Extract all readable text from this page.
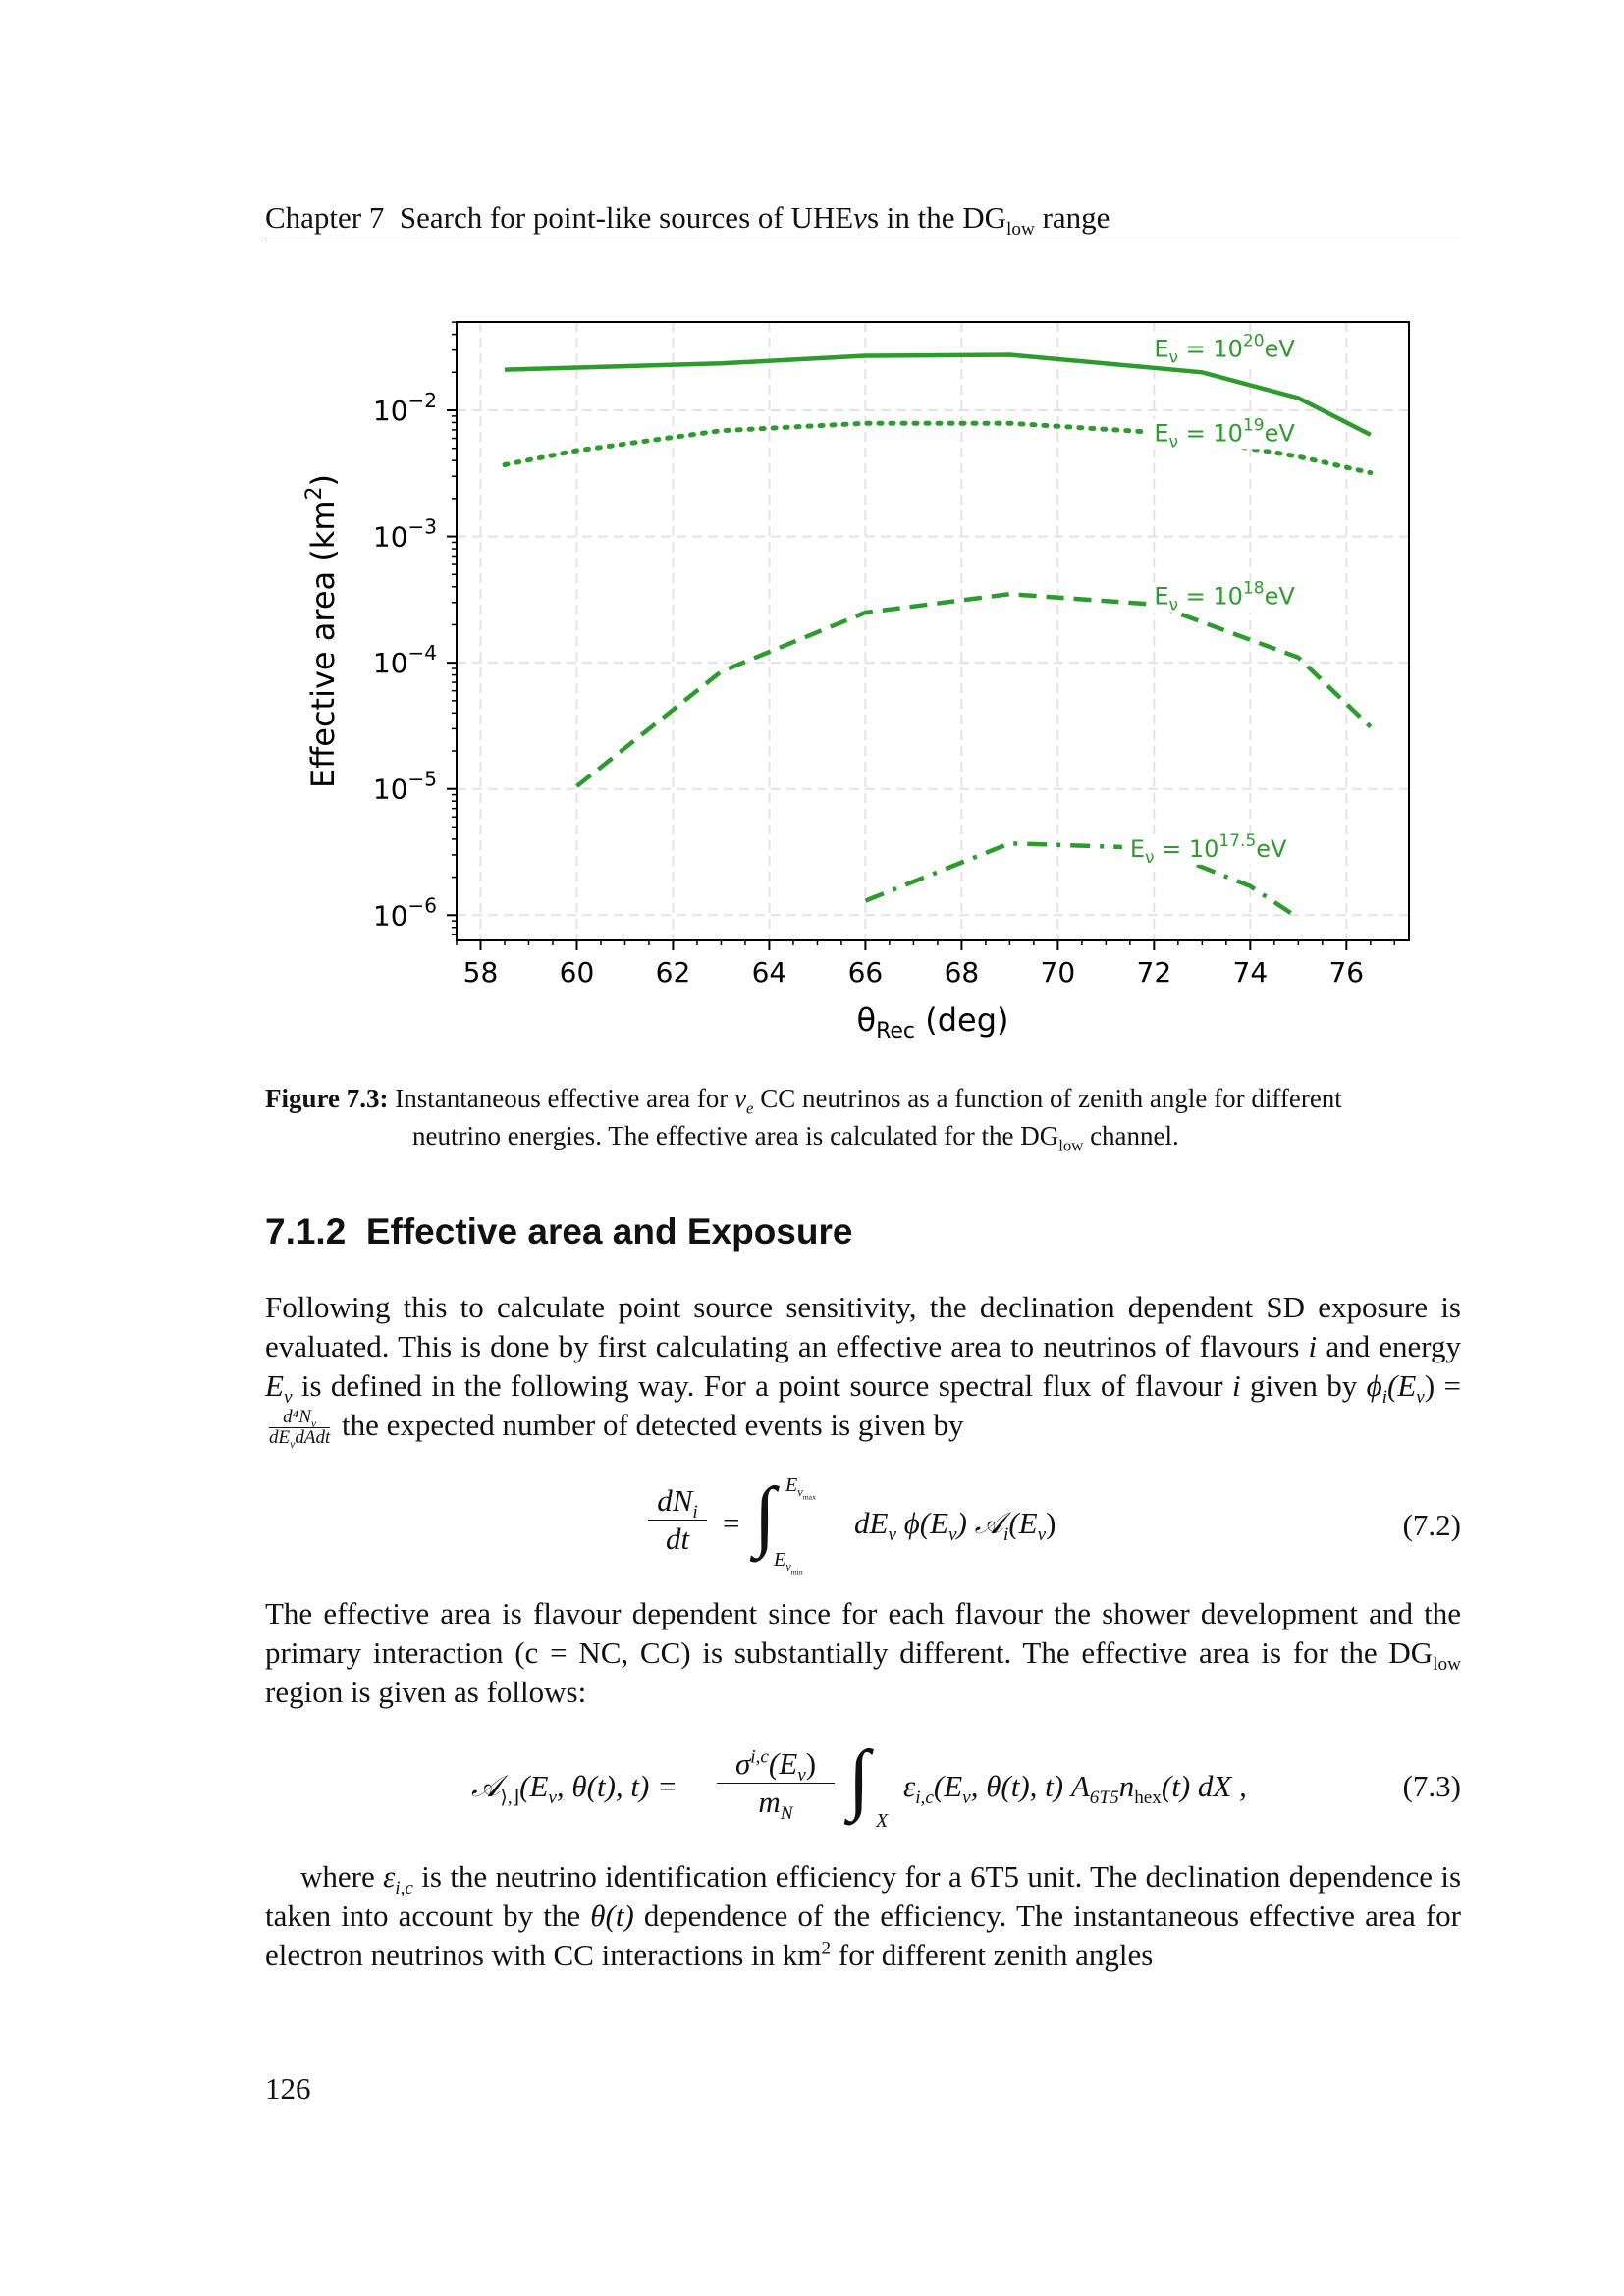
Chapter 7 Search for point-like sources of UHEνs in the $DG_{low}$ range
58 60 62 64 66 68 70 72 74 76
$10^{-2}$
$10^{-3}$
$10^{-4}$
$10^{-5}$
$10^{-6}$
$E_\nu = 10^{20}eV$
$E_\nu = 10^{19}eV$
$E_\nu = 10^{18}eV$
$E_\nu = 10^{17.5}eV$
$\theta_{Rec}$ (deg)
Effective area $(km^2)$
Figure 7.3: Instantaneous effective area for $\nu_e$ CC neutrinos as a function of zenith angle for different
neutrino energies. The effective area is calculated for the $DG_{low}$ channel.
7.1.2 Effective area and Exposure
Following this to calculate point source sensitivity, the declination dependent SD exposure is evaluated. This is done by first calculating an effective area to neutrinos of flavours i and energy $E_\nu$ is defined in the following way. For a point source spectral flux of flavour i given by $\phi_i(E_\nu)$ =
$d^4N_\nu$
$dE_\nu dAdt$ the expected number of detected events is given by
$dN_i$
dt	= ∫ $E_{\nu_{max}}$
$E_{\nu_{min}}$
$dE_\nu$ $\phi(E_\nu)$ $𝒜_i(E_\nu)$	(7.2)
The effective area is flavour dependent since for each flavour the shower development and the primary interaction (c = NC, CC) is substantially different. The effective area is for the $DG_{low}$ region is given as follows:
$𝒜_{⟩,⌋}(E_\nu$, θ(t), t) =
$\sigma^{i,c}(E_\nu)$
$m_N$ ∫ X
$\varepsilon_{i,c}(E_\nu$, θ(t), t) $A_{6T5}n_{hex}(t)$ dX ,	(7.3)
where $\varepsilon_{i,c}$ is the neutrino identification efficiency for a 6T5 unit. The declination dependence is taken into account by the θ(t) dependence of the efficiency. The instantaneous effective area for electron neutrinos with CC interactions in $km^2$ for different zenith angles
126
